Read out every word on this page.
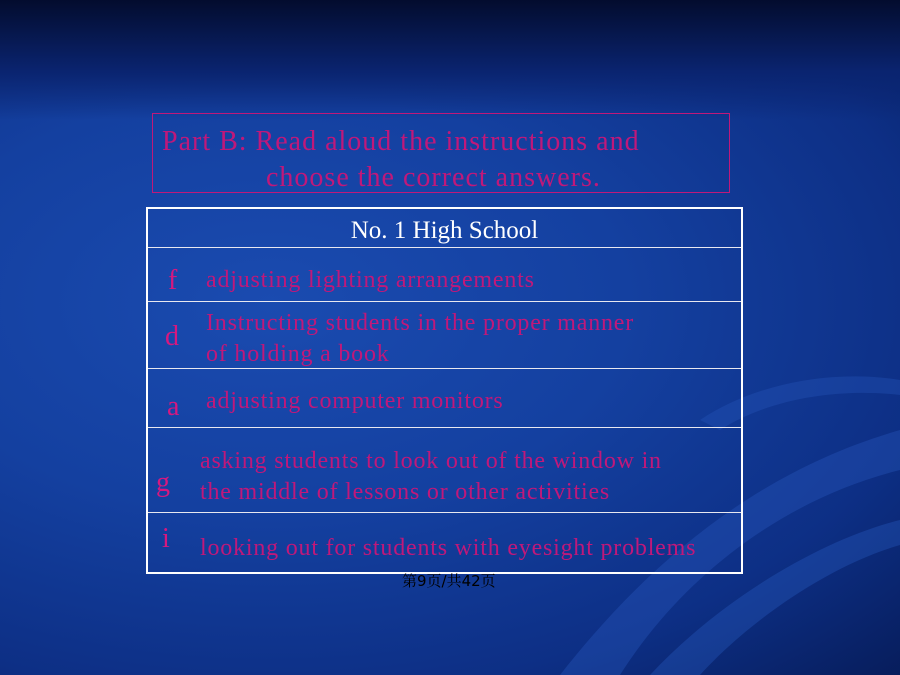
Part B: Read aloud the instructions and
choose the correct answers.
No. 1 High School
f adjusting lighting arrangements
d Instructing students in the proper manner
of holding a book
a adjusting computer monitors
g
asking students to look out of the window in
the middle of lessons or other activities
i looking out for students with eyesight problems
第9页/共42页
